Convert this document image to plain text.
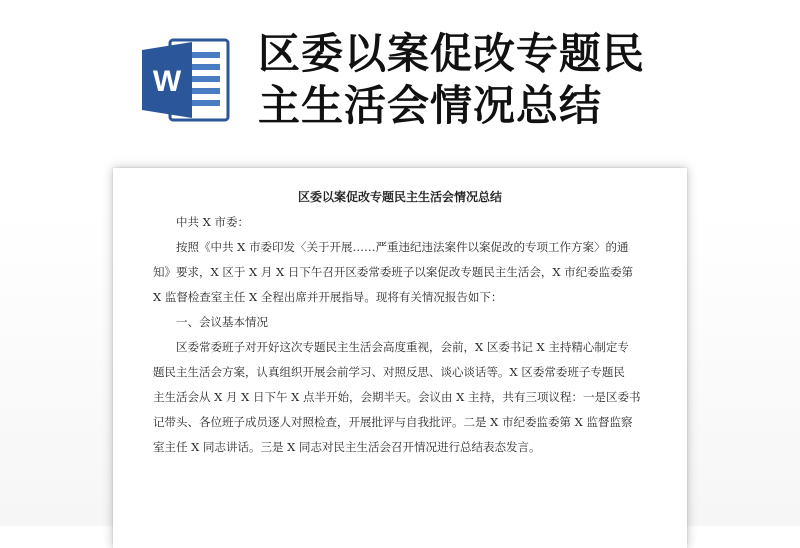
W
区委以案促改专题民
主生活会情况总结
区委以案促改专题民主生活会情况总结
中共 X 市委：
按照《中共 X 市委印发〈关于开展……严重违纪违法案件以案促改的专项工作方案〉的通
知》要求，X 区于 X 月 X 日下午召开区委常委班子以案促改专题民主生活会，X 市纪委监委第
X 监督检查室主任 X 全程出席并开展指导。现将有关情况报告如下：
一、会议基本情况
区委常委班子对开好这次专题民主生活会高度重视，会前，X 区委书记 X 主持精心制定专
题民主生活会方案，认真组织开展会前学习、对照反思、谈心谈话等。X 区委常委班子专题民
主生活会从 X 月 X 日下午 X 点半开始，会期半天。会议由 X 主持，共有三项议程：一是区委书
记带头、各位班子成员逐人对照检查，开展批评与自我批评。二是 X 市纪委监委第 X 监督监察
室主任 X 同志讲话。三是 X 同志对民主生活会召开情况进行总结表态发言。
